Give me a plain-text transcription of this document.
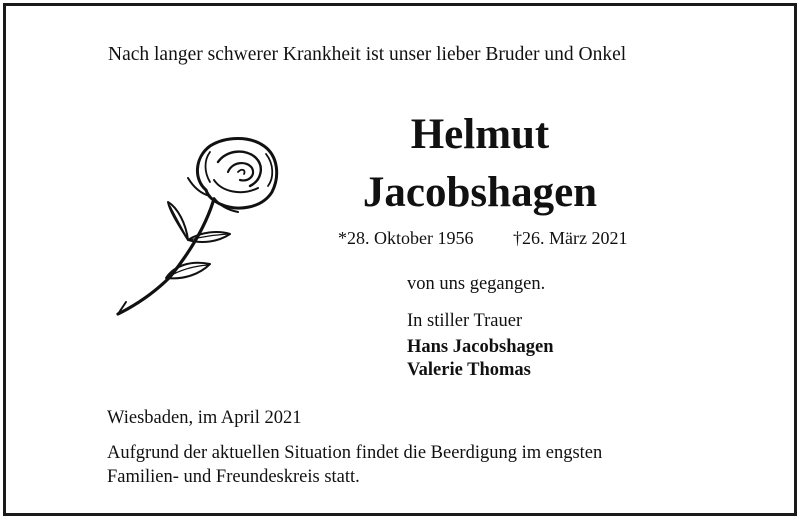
Nach langer schwerer Krankheit ist unser lieber Bruder und Onkel
Helmut
Jacobshagen
*28. Oktober 1956 †26. März 2021
von uns gegangen.
In stiller Trauer
Hans Jacobshagen
Valerie Thomas
Wiesbaden, im April 2021
Aufgrund der aktuellen Situation findet die Beerdigung im engsten
Familien- und Freundeskreis statt.
